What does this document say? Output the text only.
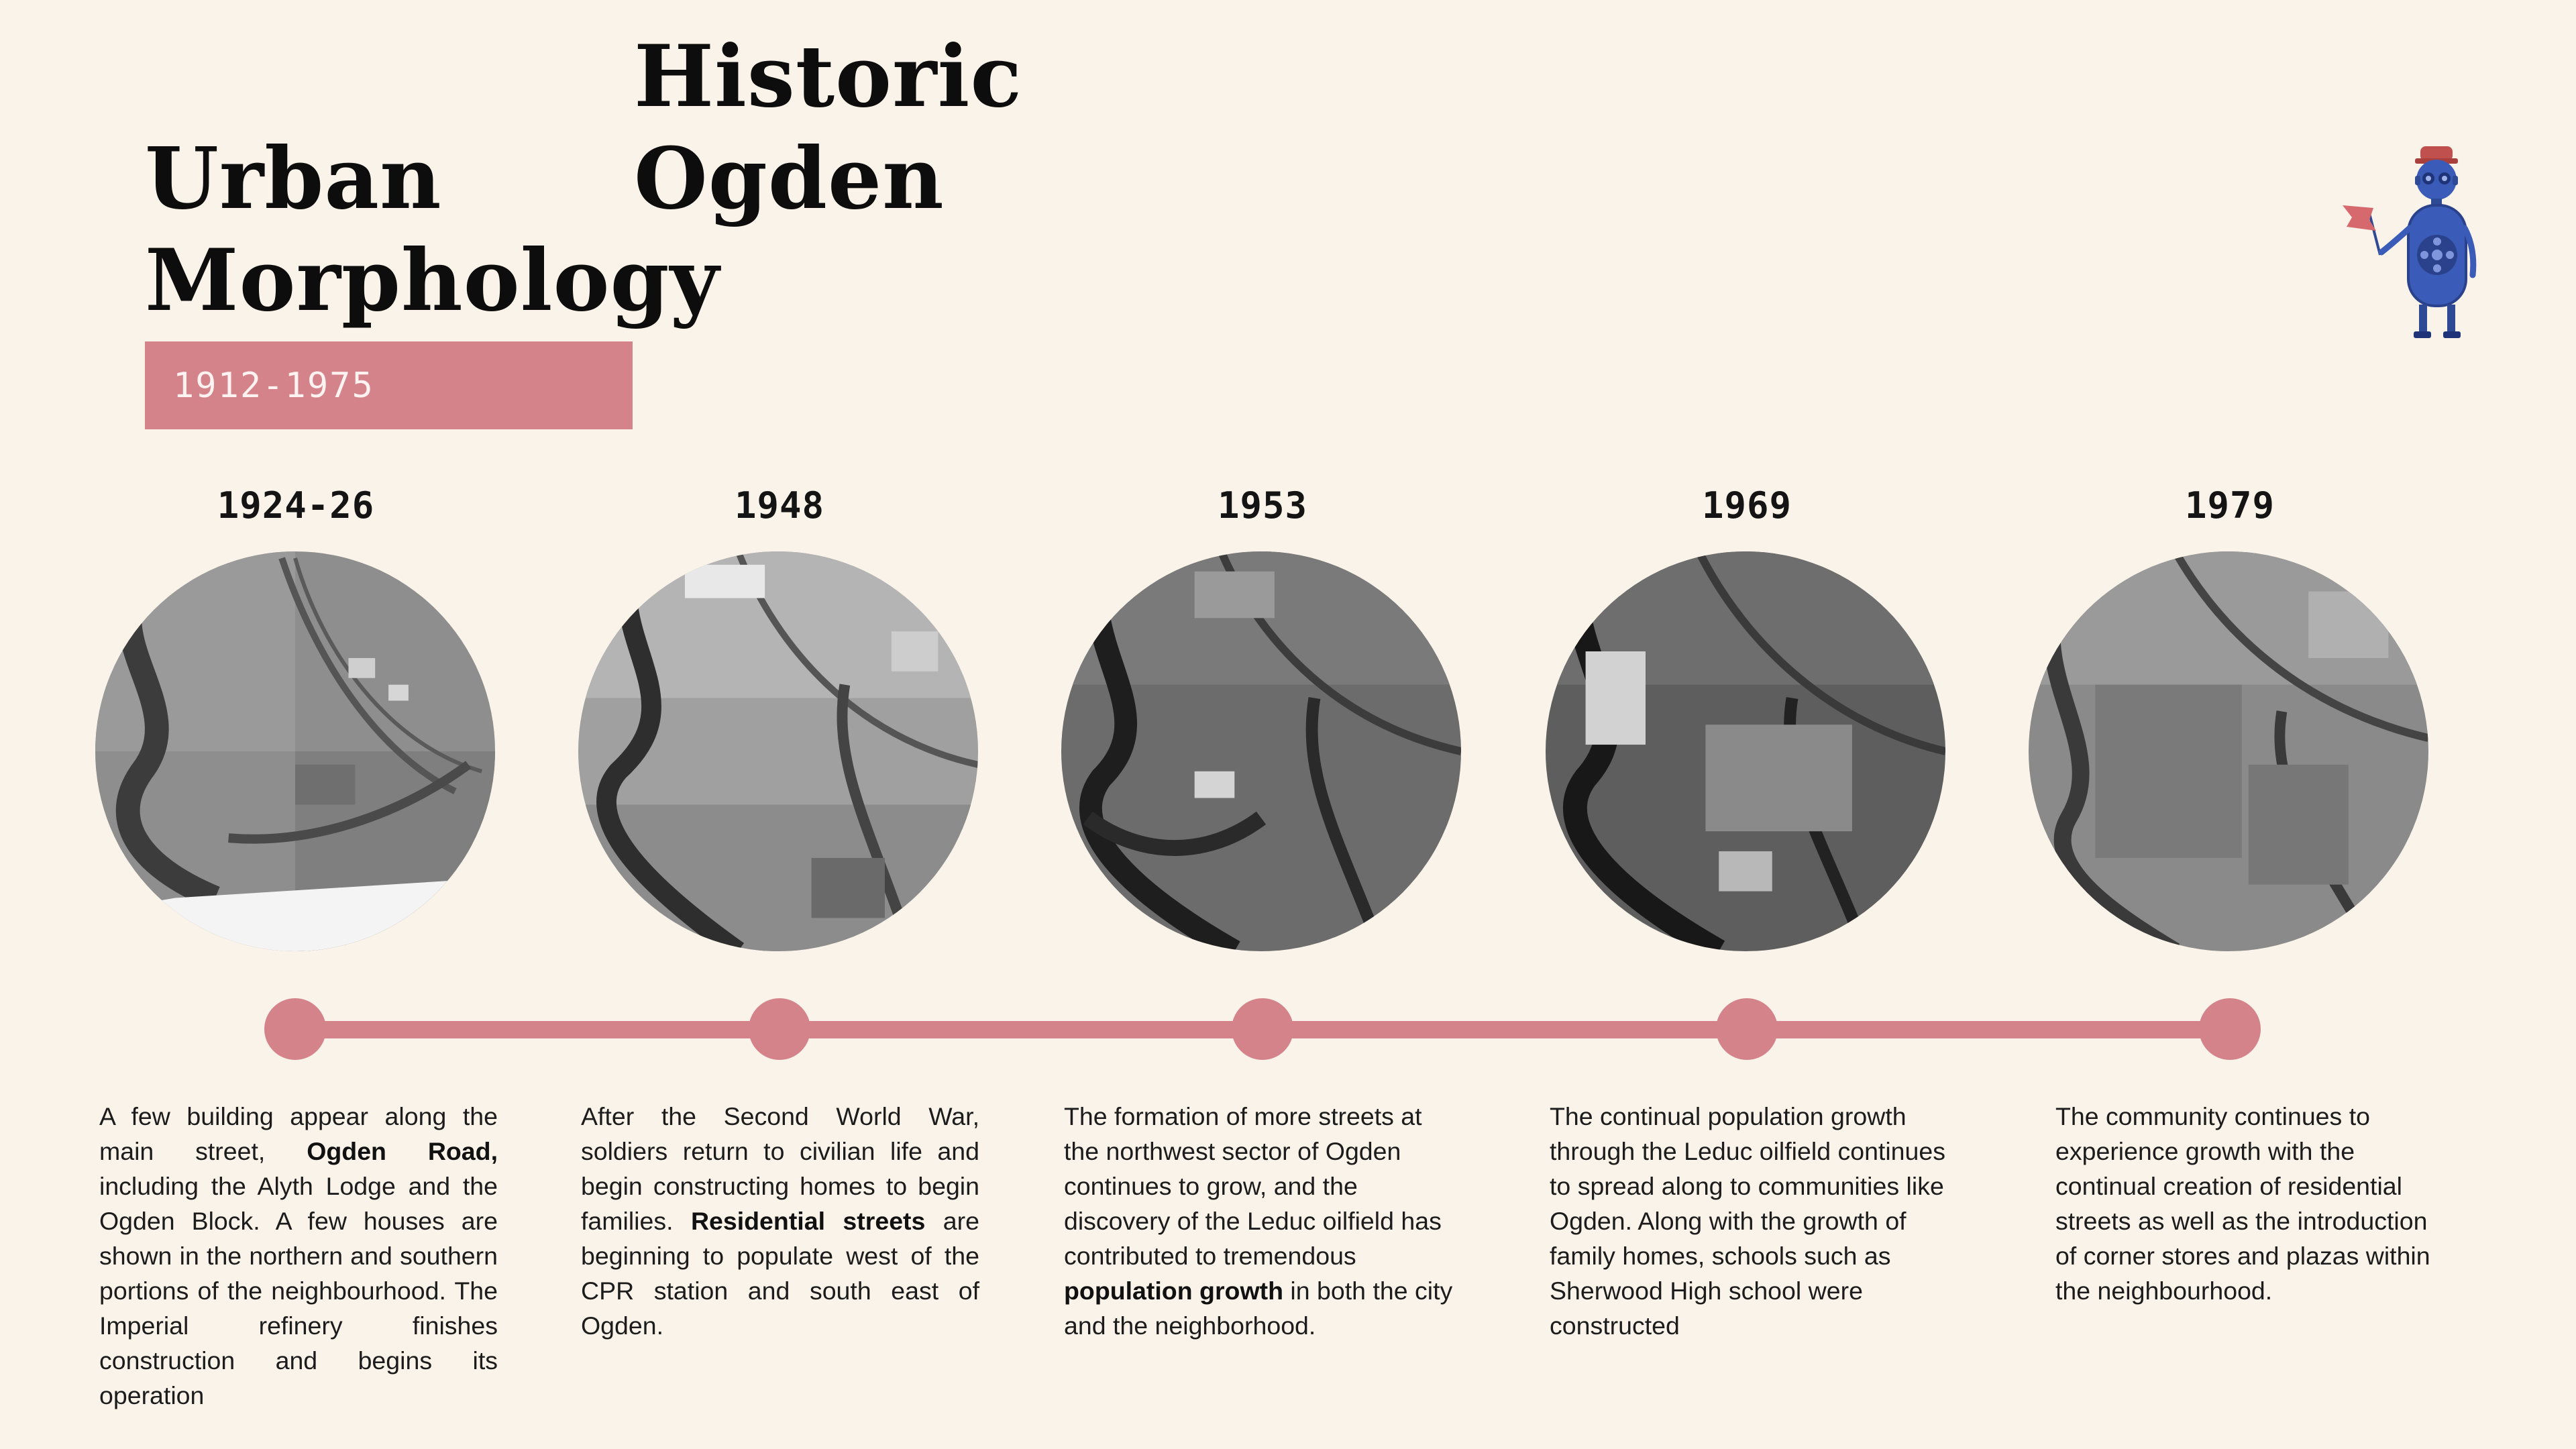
Historic
Ogden
Urban
Morphology
1912-1975
1924-26	1948	1953	1969	1979

A few building appear along the main street, Ogden Road, including the Alyth Lodge and the Ogden Block. A few houses are shown in the northern and southern portions of the neighbourhood. The Imperial refinery finishes construction and begins its operation

After the Second World War, soldiers return to civilian life and begin constructing homes to begin families. Residential streets are beginning to populate west of the CPR station and south east of Ogden.

The formation of more streets at the northwest sector of Ogden continues to grow, and the discovery of the Leduc oilfield has contributed to tremendous population growth in both the city and the neighborhood.

The continual population growth through the Leduc oilfield continues to spread along to communities like Ogden. Along with the growth of family homes, schools such as Sherwood High school were constructed

The community continues to experience growth with the continual creation of residential streets as well as the introduction of corner stores and plazas within the neighbourhood.
